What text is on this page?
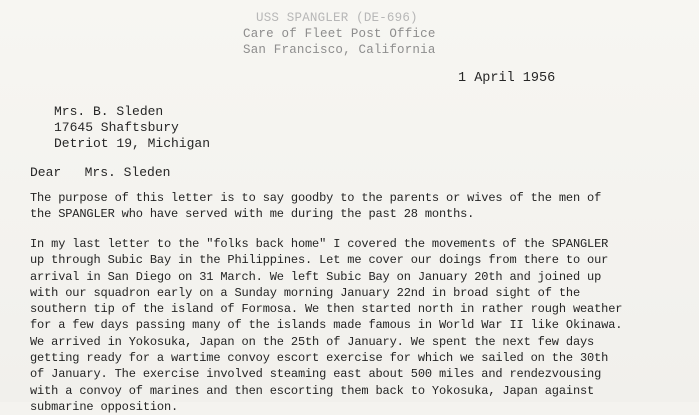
USS SPANGLER (DE-696)
Care of Fleet Post Office
San Francisco, California
1 April 1956
Mrs. B. Sleden
17645 Shaftsbury
Detriot 19, Michigan
Dear   Mrs. Sleden
The purpose of this letter is to say goodby to the parents or wives of the men of
the SPANGLER who have served with me during the past 28 months.
In my last letter to the "folks back home" I covered the movements of the SPANGLER
up through Subic Bay in the Philippines. Let me cover our doings from there to our
arrival in San Diego on 31 March. We left Subic Bay on January 20th and joined up
with our squadron early on a Sunday morning January 22nd in broad sight of the
southern tip of the island of Formosa. We then started north in rather rough weather
for a few days passing many of the islands made famous in World War II like Okinawa.
We arrived in Yokosuka, Japan on the 25th of January. We spent the next few days
getting ready for a wartime convoy escort exercise for which we sailed on the 30th
of January. The exercise involved steaming east about 500 miles and rendezvousing
with a convoy of marines and then escorting them back to Yokosuka, Japan against
submarine opposition.
